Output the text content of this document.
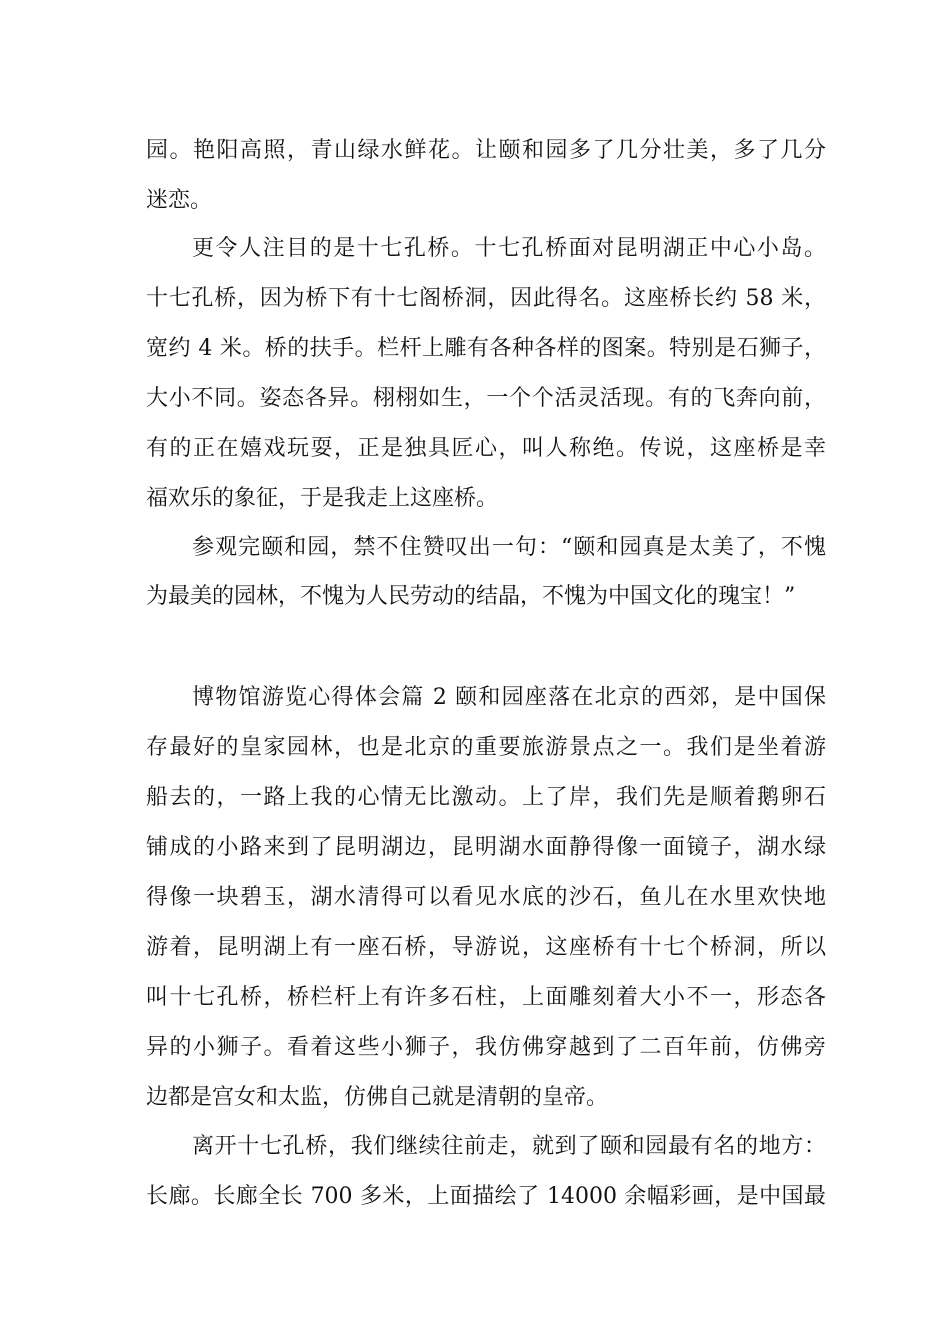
园。艳阳高照，青山绿水鲜花。让颐和园多了几分壮美，多了几分
迷恋。
更令人注目的是十七孔桥。十七孔桥面对昆明湖正中心小岛。
十七孔桥，因为桥下有十七阁桥洞，因此得名。这座桥长约 58 米，
宽约 4 米。桥的扶手。栏杆上雕有各种各样的图案。特别是石狮子，
大小不同。姿态各异。栩栩如生，一个个活灵活现。有的飞奔向前，
有的正在嬉戏玩耍，正是独具匠心，叫人称绝。传说，这座桥是幸
福欢乐的象征，于是我走上这座桥。
参观完颐和园，禁不住赞叹出一句：“颐和园真是太美了，不愧
为最美的园林，不愧为人民劳动的结晶，不愧为中国文化的瑰宝！”
博物馆游览心得体会篇 2 颐和园座落在北京的西郊，是中国保
存最好的皇家园林，也是北京的重要旅游景点之一。我们是坐着游
船去的，一路上我的心情无比激动。上了岸，我们先是顺着鹅卵石
铺成的小路来到了昆明湖边，昆明湖水面静得像一面镜子，湖水绿
得像一块碧玉，湖水清得可以看见水底的沙石，鱼儿在水里欢快地
游着，昆明湖上有一座石桥，导游说，这座桥有十七个桥洞，所以
叫十七孔桥，桥栏杆上有许多石柱，上面雕刻着大小不一，形态各
异的小狮子。看着这些小狮子，我仿佛穿越到了二百年前，仿佛旁
边都是宫女和太监，仿佛自己就是清朝的皇帝。
离开十七孔桥，我们继续往前走，就到了颐和园最有名的地方：
长廊。长廊全长 700 多米，上面描绘了 14000 余幅彩画，是中国最
